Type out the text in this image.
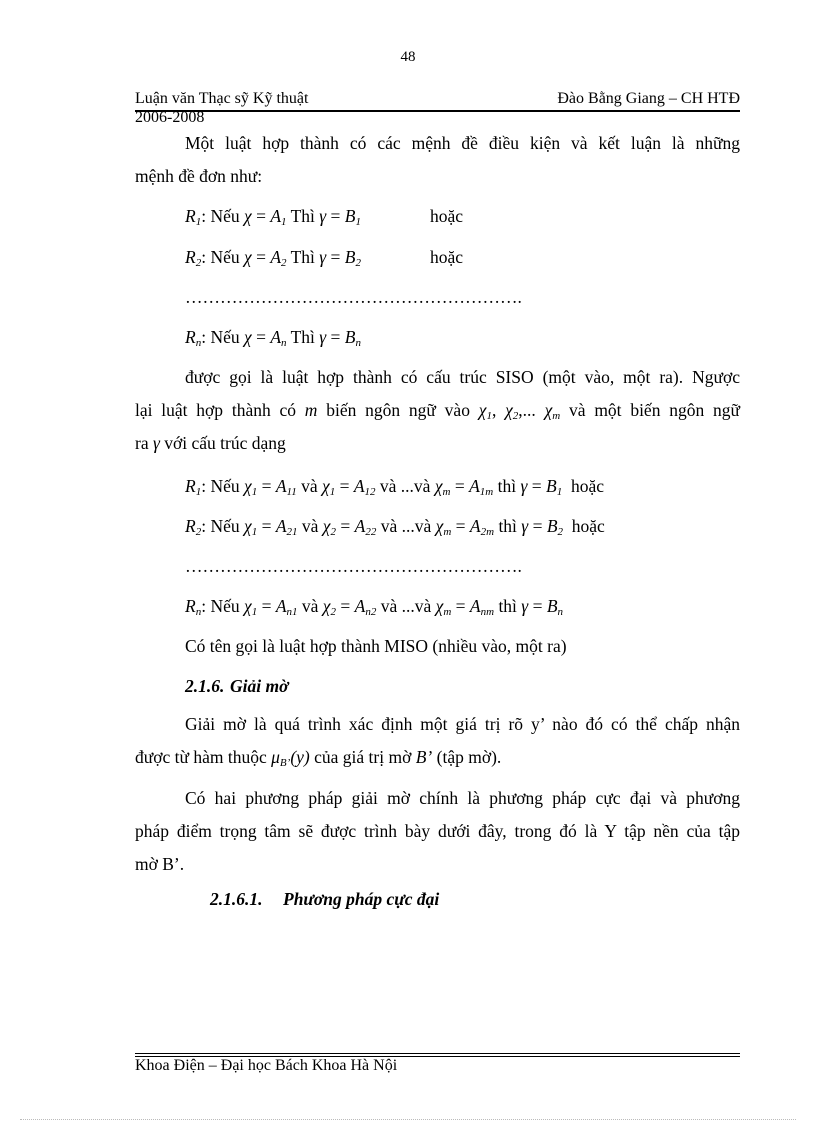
48
Luận văn Thạc sỹ Kỹ thuật	Đào Bằng Giang – CH HTĐ
2006-2008
Một luật hợp thành có các mệnh đề điều kiện và kết luận là những
mệnh đề đơn như:
$R_1$: Nếu $\chi = A_1$ Thì $\gamma = B_1$	hoặc
$R_2$: Nếu $\chi = A_2$ Thì $\gamma = B_2$	hoặc
………………………………………………….
$R_n$: Nếu $\chi = A_n$ Thì $\gamma = B_n$
được gọi là luật hợp thành có cấu trúc SISO (một vào, một ra). Ngược
lại luật hợp thành có m biến ngôn ngữ vào $\chi_1$, $\chi_2$,... $\chi_m$ và một biến ngôn ngữ
ra γ với cấu trúc dạng
$R_1$: Nếu $\chi_1 = A_{11}$ và $\chi_1 = A_{12}$ và ...và $\chi_m = A_{1m}$ thì $\gamma = B_1$ hoặc
$R_2$: Nếu $\chi_1 = A_{21}$ và $\chi_2 = A_{22}$ và ...và $\chi_m = A_{2m}$ thì $\gamma = B_2$ hoặc
………………………………………………….
$R_n$: Nếu $\chi_1 = A_{n1}$ và $\chi_2 = A_{n2}$ và ...và $\chi_m = A_{nm}$ thì $\gamma = B_n$
Có tên gọi là luật hợp thành MISO (nhiều vào, một ra)
2.1.6. Giải mờ
Giải mờ là quá trình xác định một giá trị rõ y’ nào đó có thể chấp nhận
được từ hàm thuộc $\mu_{B’}(y)$ của giá trị mờ B’ (tập mờ).
Có hai phương pháp giải mờ chính là phương pháp cực đại và phương
pháp điểm trọng tâm sẽ được trình bày dưới đây, trong đó là Y tập nền của tập
mờ B’.
2.1.6.1. Phương pháp cực đại
Khoa Điện – Đại học Bách Khoa Hà Nội
